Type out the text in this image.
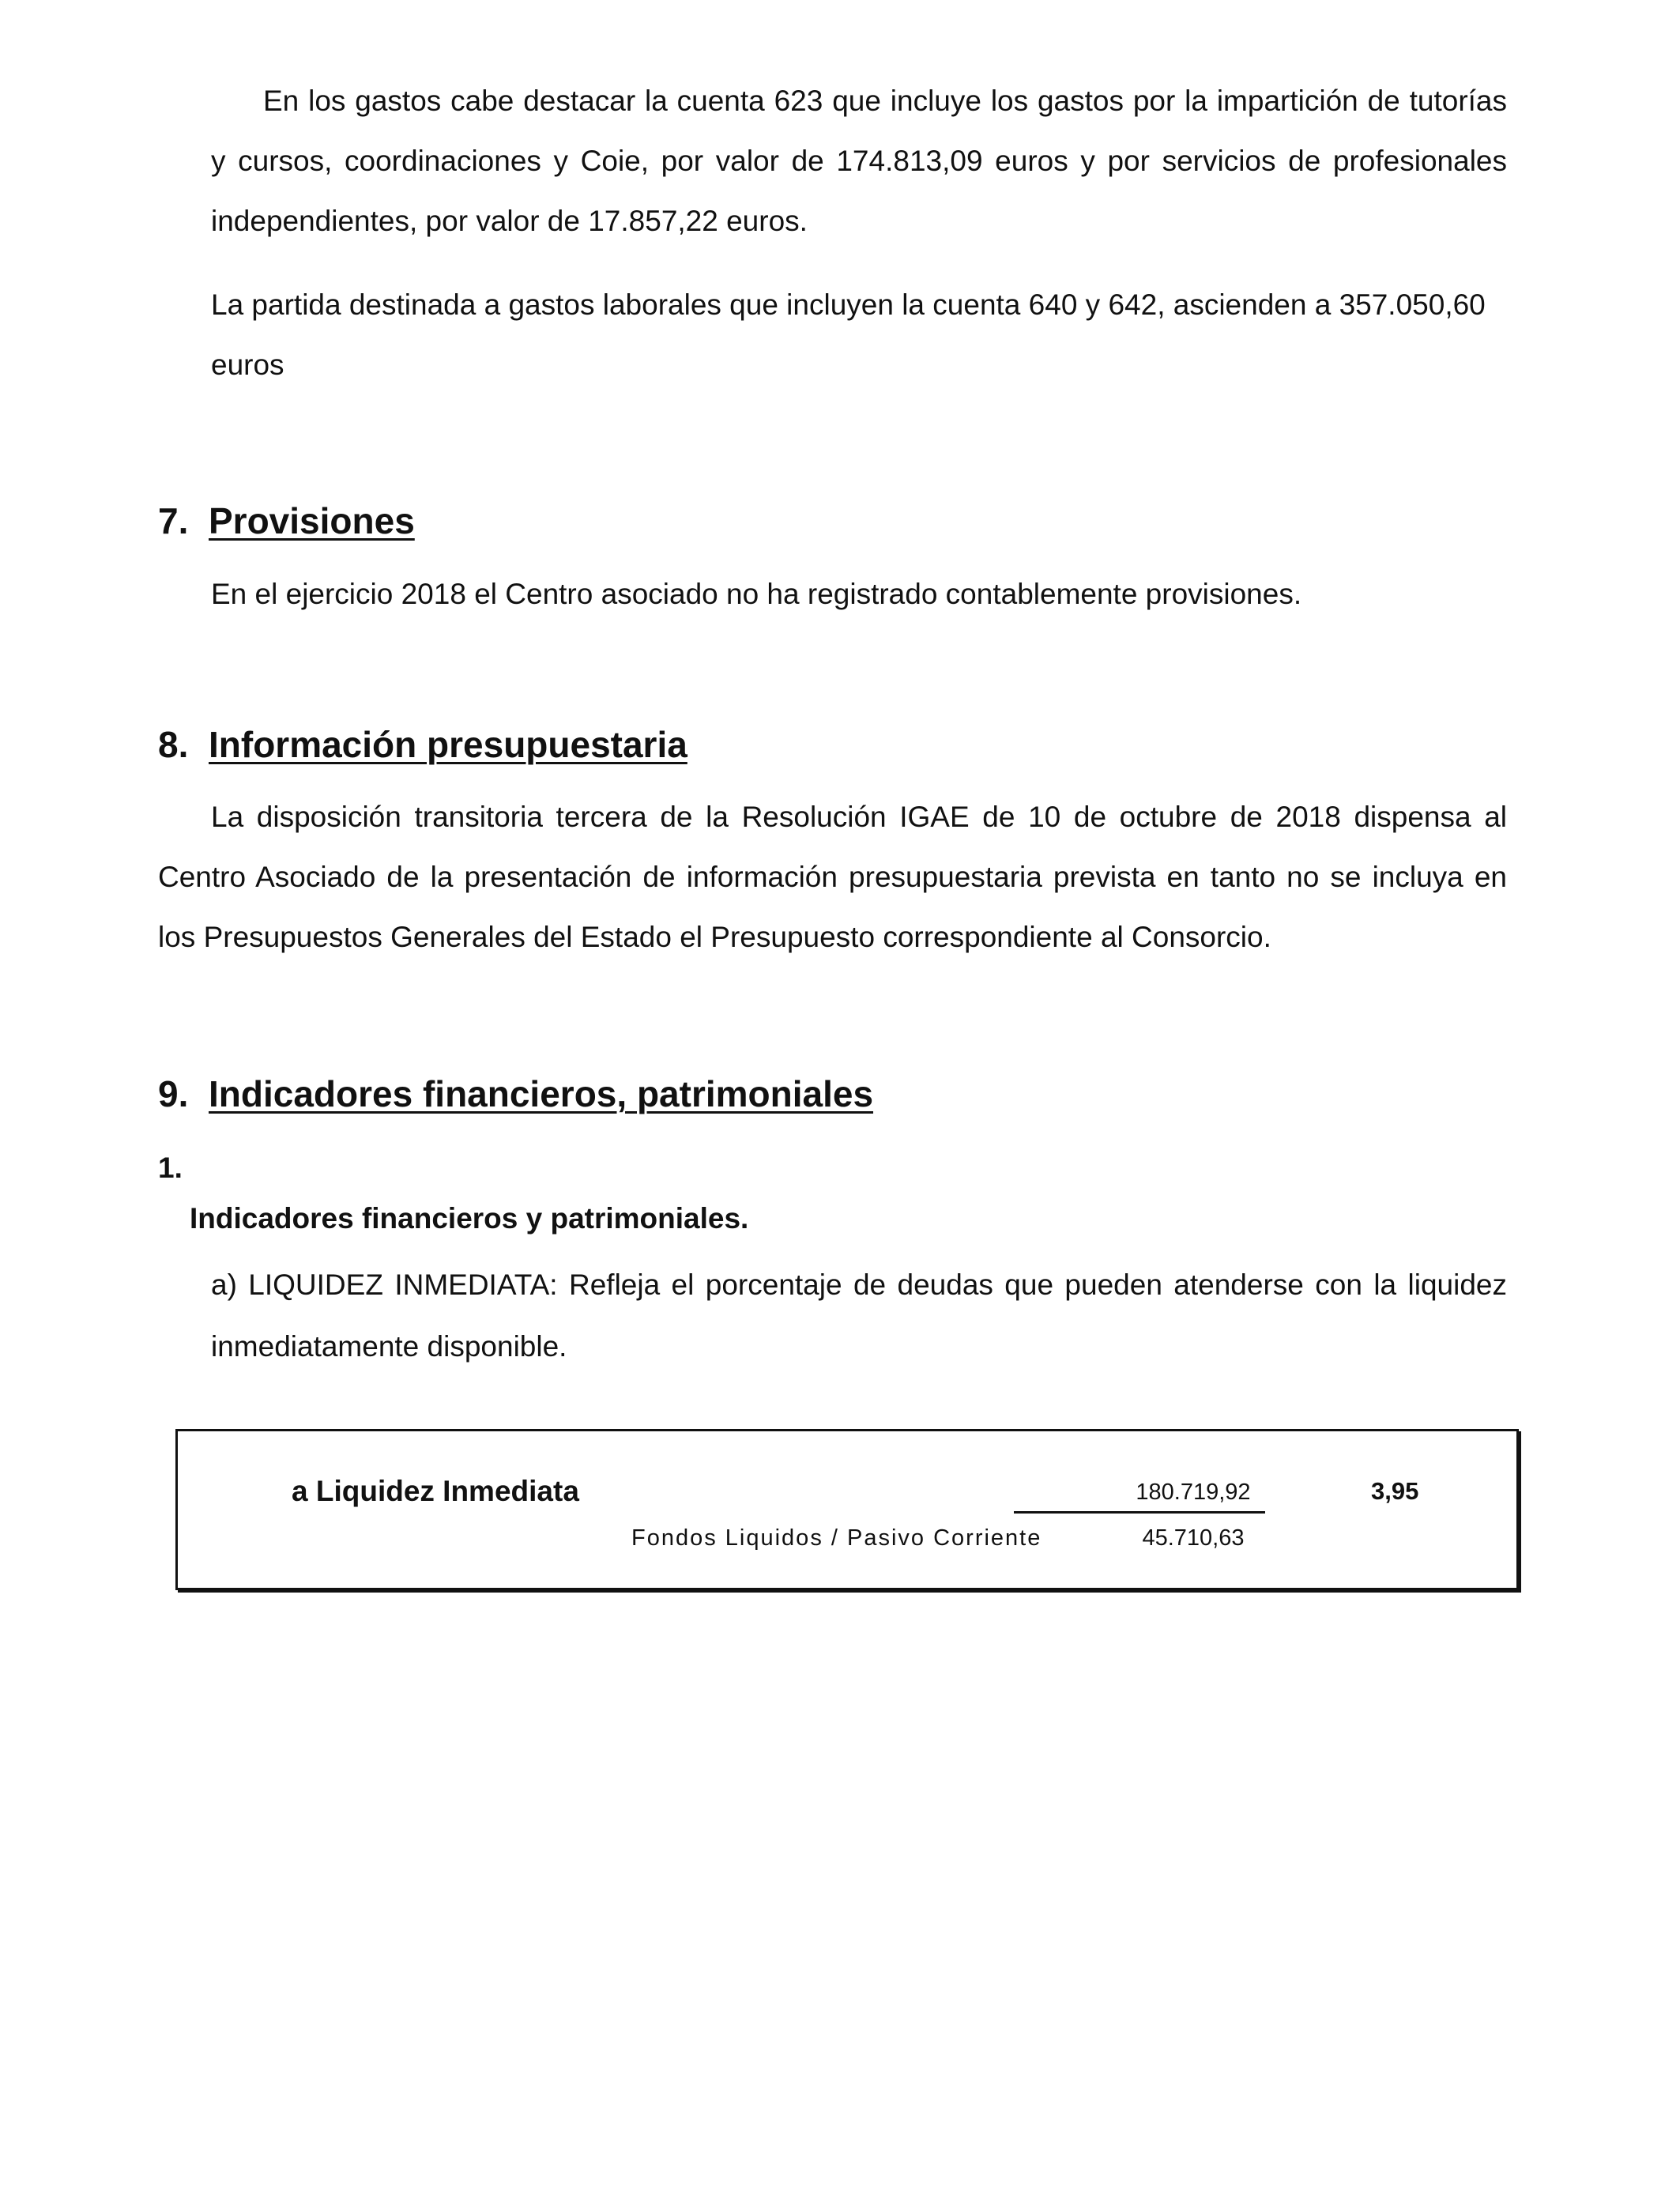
En los gastos cabe destacar la cuenta 623 que incluye los gastos por la impartición de tutorías
y cursos, coordinaciones y Coie, por valor de 174.813,09 euros y por servicios de profesionales
independientes, por valor de 17.857,22 euros.
La partida destinada a gastos laborales que incluyen la cuenta 640 y 642, ascienden a 357.050,60
euros
7. Provisiones
En el ejercicio 2018 el Centro asociado no ha registrado contablemente provisiones.
8. Información presupuestaria
La disposición transitoria tercera de la Resolución IGAE de 10 de octubre de 2018 dispensa al
Centro Asociado de la presentación de información presupuestaria prevista en tanto no se incluya en
los Presupuestos Generales del Estado el Presupuesto correspondiente al Consorcio.
9. Indicadores financieros, patrimoniales
1.
Indicadores financieros y patrimoniales.
a) LIQUIDEZ INMEDIATA: Refleja el porcentaje de deudas que pueden atenderse con la liquidez
inmediatamente disponible.
a Liquidez Inmediata
Fondos Liquidos / Pasivo Corriente
180.719,92
45.710,63
3,95
